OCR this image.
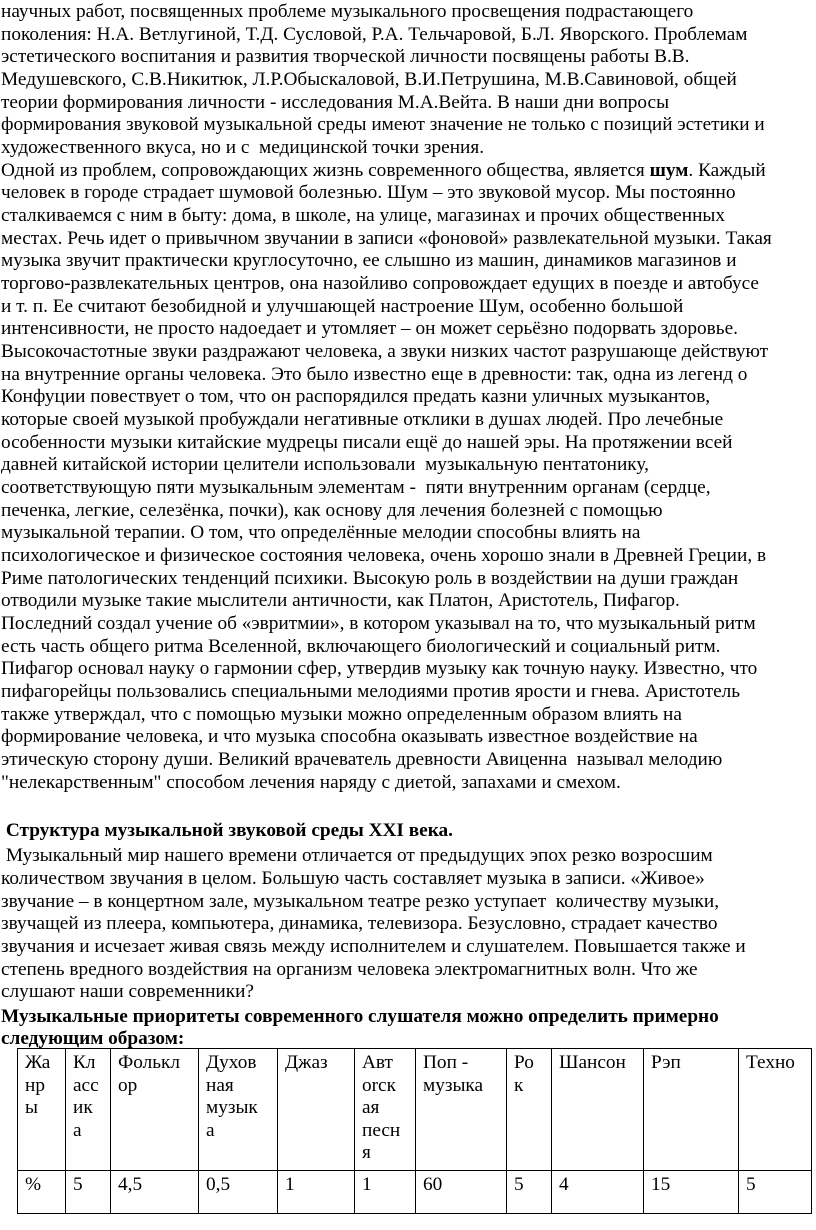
научных работ, посвященных проблеме музыкального просвещения подрастающего
поколения: Н.А. Ветлугиной, Т.Д. Сусловой, Р.А. Тельчаровой, Б.Л. Яворского. Проблемам
эстетического воспитания и развития творческой личности посвящены работы В.В.
Медушевского, С.В.Никитюк, Л.Р.Обыскаловой, В.И.Петрушина, М.В.Савиновой, общей
теории формирования личности - исследования М.А.Вейта. В наши дни вопросы
формирования звуковой музыкальной среды имеют значение не только с позиций эстетики и
художественного вкуса, но и с  медицинской точки зрения.
Одной из проблем, сопровождающих жизнь современного общества, является шум. Каждый
человек в городе страдает шумовой болезнью. Шум – это звуковой мусор. Мы постоянно
сталкиваемся с ним в быту: дома, в школе, на улице, магазинах и прочих общественных
местах. Речь идет о привычном звучании в записи «фоновой» развлекательной музыки. Такая
музыка звучит практически круглосуточно, ее слышно из машин, динамиков магазинов и
торгово-развлекательных центров, она назойливо сопровождает едущих в поезде и автобусе
и т. п. Ее считают безобидной и улучшающей настроение Шум, особенно большой
интенсивности, не просто надоедает и утомляет – он может серьёзно подорвать здоровье.
Высокочастотные звуки раздражают человека, а звуки низких частот разрушающе действуют
на внутренние органы человека. Это было известно еще в древности: так, одна из легенд о
Конфуции повествует о том, что он распорядился предать казни уличных музыкантов,
которые своей музыкой пробуждали негативные отклики в душах людей. Про лечебные
особенности музыки китайские мудрецы писали ещё до нашей эры. На протяжении всей
давней китайской истории целители использовали  музыкальную пентатонику,
соответствующую пяти музыкальным элементам -  пяти внутренним органам (сердце,
печенка, легкие, селезёнка, почки), как основу для лечения болезней с помощью
музыкальной терапии. О том, что определённые мелодии способны влиять на
психологическое и физическое состояния человека, очень хорошо знали в Древней Греции, в
Риме патологических тенденций психики. Высокую роль в воздействии на души граждан
отводили музыке такие мыслители античности, как Платон, Аристотель, Пифагор.
Последний создал учение об «эвритмии», в котором указывал на то, что музыкальный ритм
есть часть общего ритма Вселенной, включающего биологический и социальный ритм.
Пифагор основал науку о гармонии сфер, утвердив музыку как точную науку. Известно, что
пифагорейцы пользовались специальными мелодиями против ярости и гнева. Аристотель
также утверждал, что с помощью музыки можно определенным образом влиять на
формирование человека, и что музыка способна оказывать известное воздействие на
этическую сторону души. Великий врачеватель древности Авиценна  называл мелодию
"нелекарственным" способом лечения наряду с диетой, запахами и смехом.
Структура музыкальной звуковой среды XXI века.
Музыкальный мир нашего времени отличается от предыдущих эпох резко возросшим
количеством звучания в целом. Большую часть составляет музыка в записи. «Живое»
звучание – в концертном зале, музыкальном театре резко уступает  количеству музыки,
звучащей из плеера, компьютера, динамика, телевизора. Безусловно, страдает качество
звучания и исчезает живая связь между исполнителем и слушателем. Повышается также и
степень вредного воздействия на организм человека электромагнитных волн. Что же
слушают наши современники?
Музыкальные приоритеты современного слушателя можно определить примерно
следующим образом:
Жа
нр
ы	Кл
асс
ик
а	Фолькл
ор	Духов
ная
музык
а	Джаз	Авт
orск
ая
песн
я	Поп -
музыка	Ро
к	Шансон	Рэп	Техно
%	5	4,5	0,5	1	1	60	5	4	15	5
